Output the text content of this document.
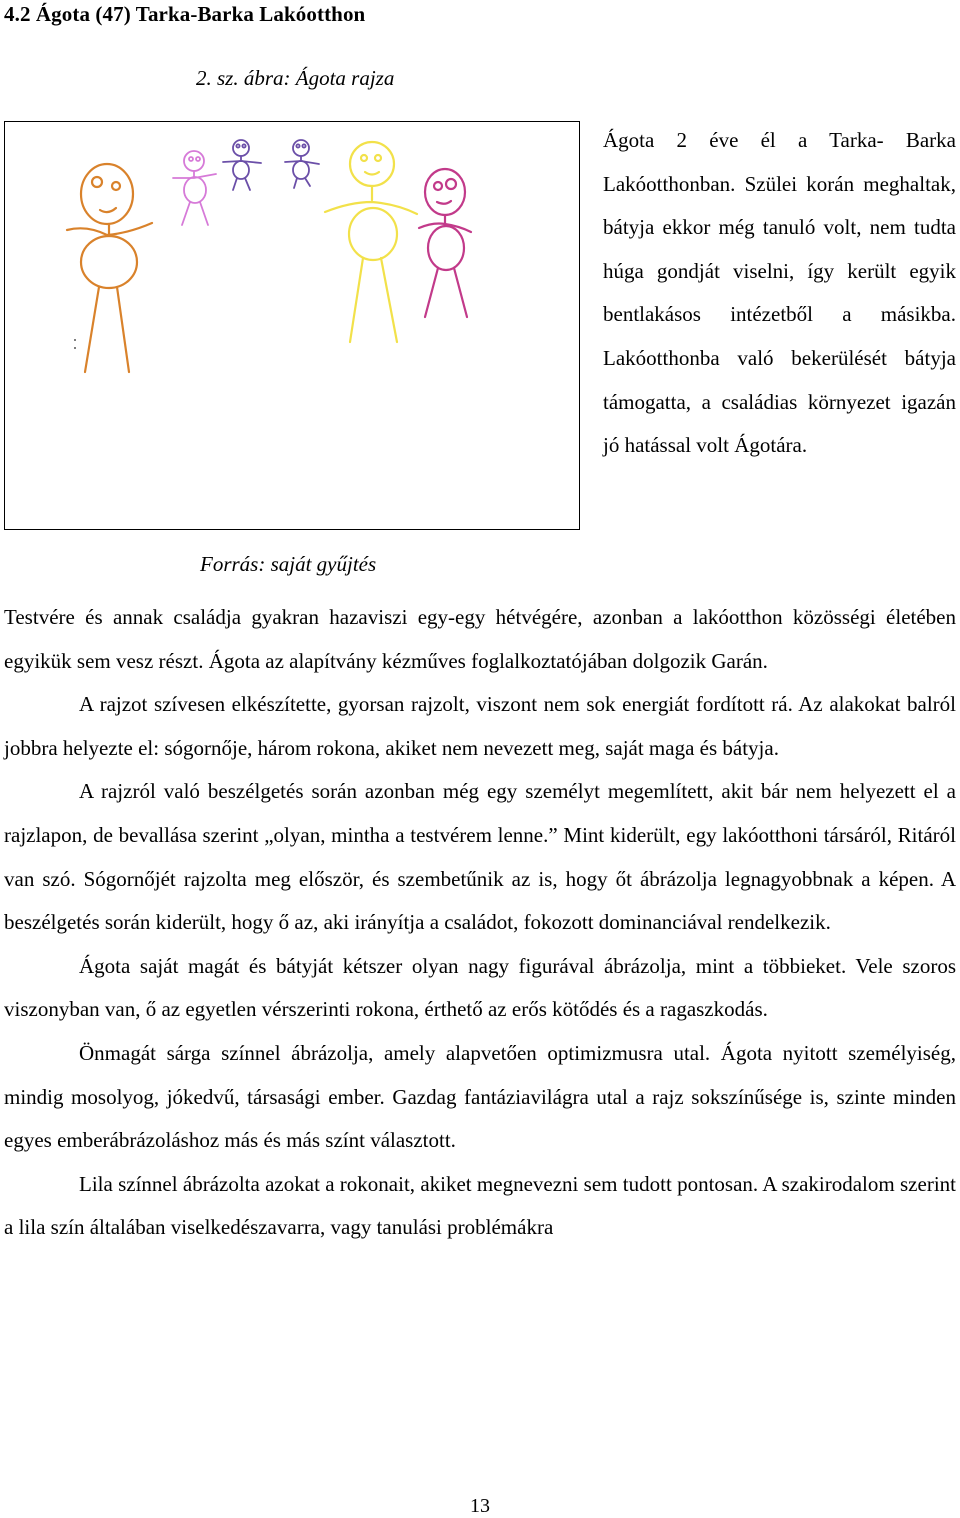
4.2 Ágota (47) Tarka-Barka Lakóotthon
2. sz. ábra: Ágota rajza
Forrás: saját gyűjtés
Ágota 2 éve él a Tarka- Barka Lakóotthonban. Szülei korán meghaltak, bátyja ekkor még tanuló volt, nem tudta húga gondját viselni, így került egyik bentlakásos intézetből a másikba. Lakóotthonba való bekerülését bátyja támogatta, a családias környezet igazán jó hatással volt Ágotára.

Testvére és annak családja gyakran hazaviszi egy-egy hétvégére, azonban a lakóotthon közösségi életében egyikük sem vesz részt. Ágota az alapítvány kézműves foglalkoztatójában dolgozik Garán.

A rajzot szívesen elkészítette, gyorsan rajzolt, viszont nem sok energiát fordított rá. Az alakokat balról jobbra helyezte el: sógornője, három rokona, akiket nem nevezett meg, saját maga és bátyja.

A rajzról való beszélgetés során azonban még egy személyt megemlített, akit bár nem helyezett el a rajzlapon, de bevallása szerint „olyan, mintha a testvérem lenne.” Mint kiderült, egy lakóotthoni társáról, Ritáról van szó. Sógornőjét rajzolta meg először, és szembetűnik az is, hogy őt ábrázolja legnagyobbnak a képen. A beszélgetés során kiderült, hogy ő az, aki irányítja a családot, fokozott dominanciával rendelkezik.

Ágota saját magát és bátyját kétszer olyan nagy figurával ábrázolja, mint a többieket. Vele szoros viszonyban van, ő az egyetlen vérszerinti rokona, érthető az erős kötődés és a ragaszkodás.

Önmagát sárga színnel ábrázolja, amely alapvetően optimizmusra utal. Ágota nyitott személyiség, mindig mosolyog, jókedvű, társasági ember. Gazdag fantáziavilágra utal a rajz sokszínűsége is, szinte minden egyes emberábrázoláshoz más és más színt választott.

Lila színnel ábrázolta azokat a rokonait, akiket megnevezni sem tudott pontosan. A szakirodalom szerint a lila szín általában viselkedészavarra, vagy tanulási problémákra

13
